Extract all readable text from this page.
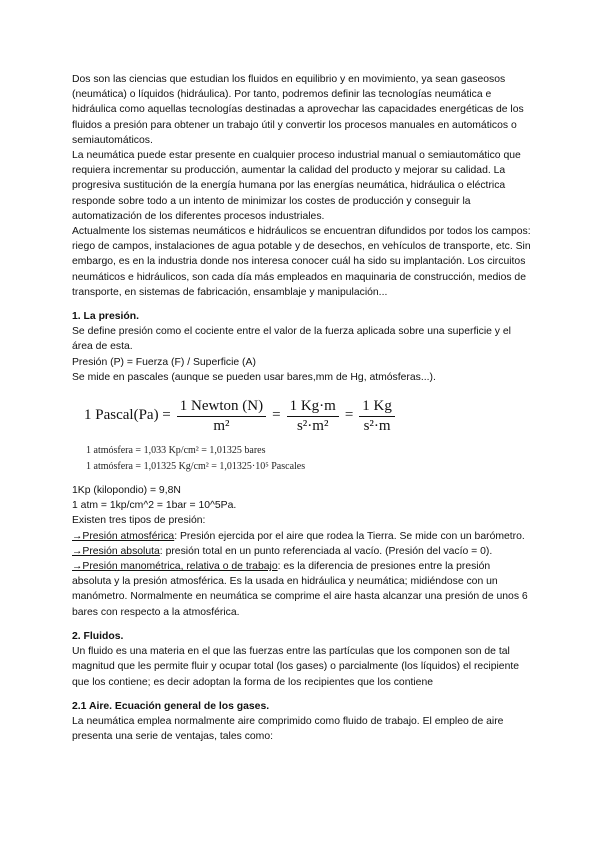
Dos son las ciencias que estudian los fluidos en equilibrio y en movimiento, ya sean gaseosos (neumática) o líquidos (hidráulica). Por tanto, podremos definir las tecnologías neumática e hidráulica como aquellas tecnologías destinadas a aprovechar las capacidades energéticas de los fluidos a presión para obtener un trabajo útil y convertir los procesos manuales en automáticos o semiautomáticos.

La neumática puede estar presente en cualquier proceso industrial manual o semiautomático que requiera incrementar su producción, aumentar la calidad del producto y mejorar su calidad. La progresiva sustitución de la energía humana por las energías neumática, hidráulica o eléctrica responde sobre todo a un intento de minimizar los costes de producción y conseguir la automatización de los diferentes procesos industriales.

Actualmente los sistemas neumáticos e hidráulicos se encuentran difundidos por todos los campos: riego de campos, instalaciones de agua potable y de desechos, en vehículos de transporte, etc. Sin embargo, es en la industria donde nos interesa conocer cuál ha sido su implantación. Los circuitos neumáticos e hidráulicos, son cada día más empleados en maquinaria de construcción, medios de transporte, en sistemas de fabricación, ensamblaje y manipulación...

1. La presión.

Se define presión como el cociente entre el valor de la fuerza aplicada sobre una superficie y el área de esta.

Presión (P) = Fuerza (F) / Superficie (A)

Se mide en pascales (aunque se pueden usar bares,mm de Hg, atmósferas...).

1 Pascal(Pa) = $\frac{\text{1 Newton (N)}}{\text{m²}} = \frac{1 Kg\cdot m}{\text{s²·m²}} = \frac{1 Kg}{\text{s²·m}}$

1 atmósfera = 1,033 Kp/cm² = 1,01325 bares

1 atmósfera = 1,01325 Kg/cm² = 1,01325·10⁵ Pascales

1Kp (kilopondio) = 9,8N

1 atm = 1kp/cm^2 = 1bar = 10^5Pa.

Existen tres tipos de presión:

→Presión atmosférica: Presión ejercida por el aire que rodea la Tierra. Se mide con un barómetro.

→Presión absoluta: presión total en un punto referenciada al vacío. (Presión del vacío = 0).

→Presión manométrica, relativa o de trabajo: es la diferencia de presiones entre la presión absoluta y la presión atmosférica. Es la usada en hidráulica y neumática; midiéndose con un manómetro. Normalmente en neumática se comprime el aire hasta alcanzar una presión de unos 6 bares con respecto a la atmosférica.

2. Fluidos.

Un fluido es una materia en el que las fuerzas entre las partículas que los componen son de tal magnitud que les permite fluir y ocupar total (los gases) o parcialmente (los líquidos) el recipiente que los contiene; es decir adoptan la forma de los recipientes que los contiene

2.1 Aire. Ecuación general de los gases.

La neumática emplea normalmente aire comprimido como fluido de trabajo. El empleo de aire presenta una serie de ventajas, tales como:
